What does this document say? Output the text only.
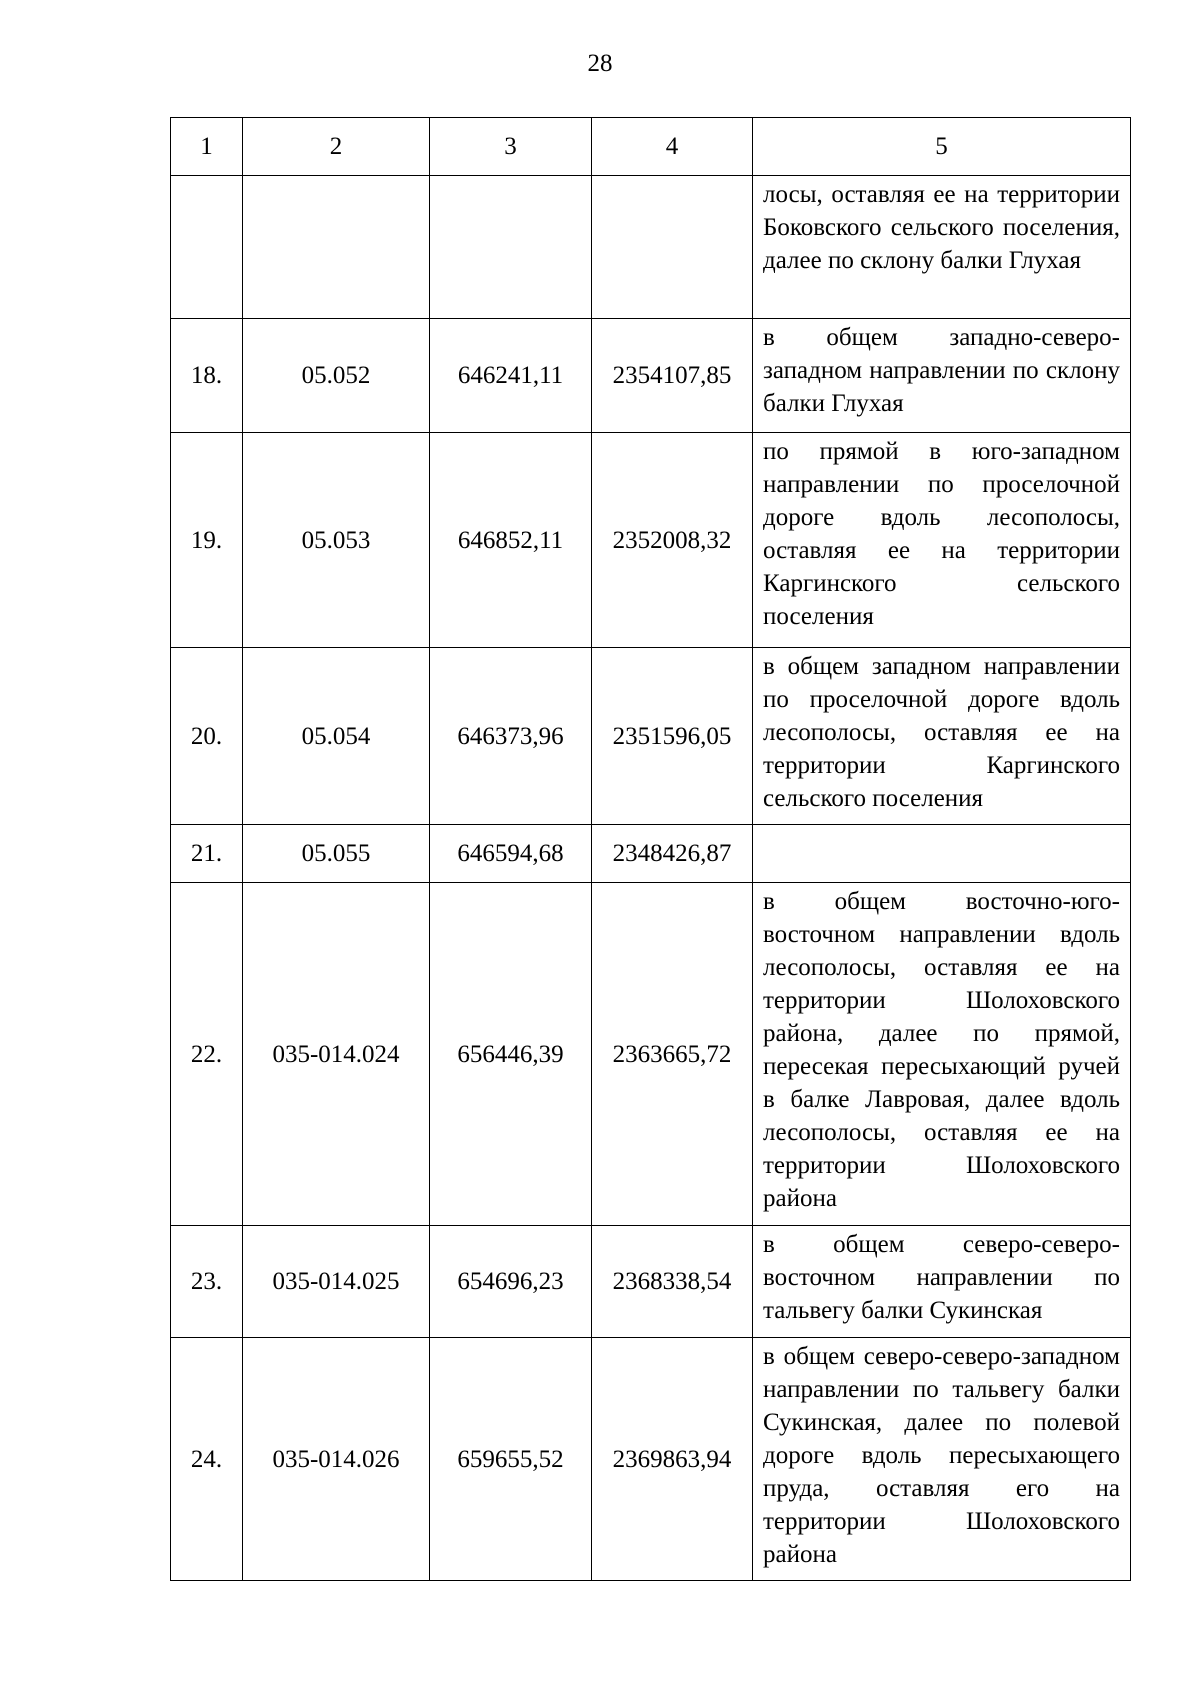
28
1	2	3	4	5
				лосы, оставляя ее на территории Боковского сельского поселения, далее по склону балки Глухая
18.	05.052	646241,11	2354107,85	в общем западно-северо-западном направлении по склону балки Глухая
19.	05.053	646852,11	2352008,32	по прямой в юго-западном направлении по проселочной дороге вдоль лесополосы, оставляя ее на территории Каргинского сельского поселения
20.	05.054	646373,96	2351596,05	в общем западном направлении по проселочной дороге вдоль лесополосы, оставляя ее на территории Каргинского сельского поселения
21.	05.055	646594,68	2348426,87	
22.	035-014.024	656446,39	2363665,72	в общем восточно-юго-восточном направлении вдоль лесополосы, оставляя ее на территории Шолоховского района, далее по прямой, пересекая пересыхающий ручей в балке Лавровая, далее вдоль лесополосы, оставляя ее на территории Шолоховского района
23.	035-014.025	654696,23	2368338,54	в общем северо-северо-восточном направлении по тальвегу балки Сукинская
24.	035-014.026	659655,52	2369863,94	в общем северо-северо-западном направлении по тальвегу балки Сукинская, далее по полевой дороге вдоль пересыхающего пруда, оставляя его на территории Шолоховского района
